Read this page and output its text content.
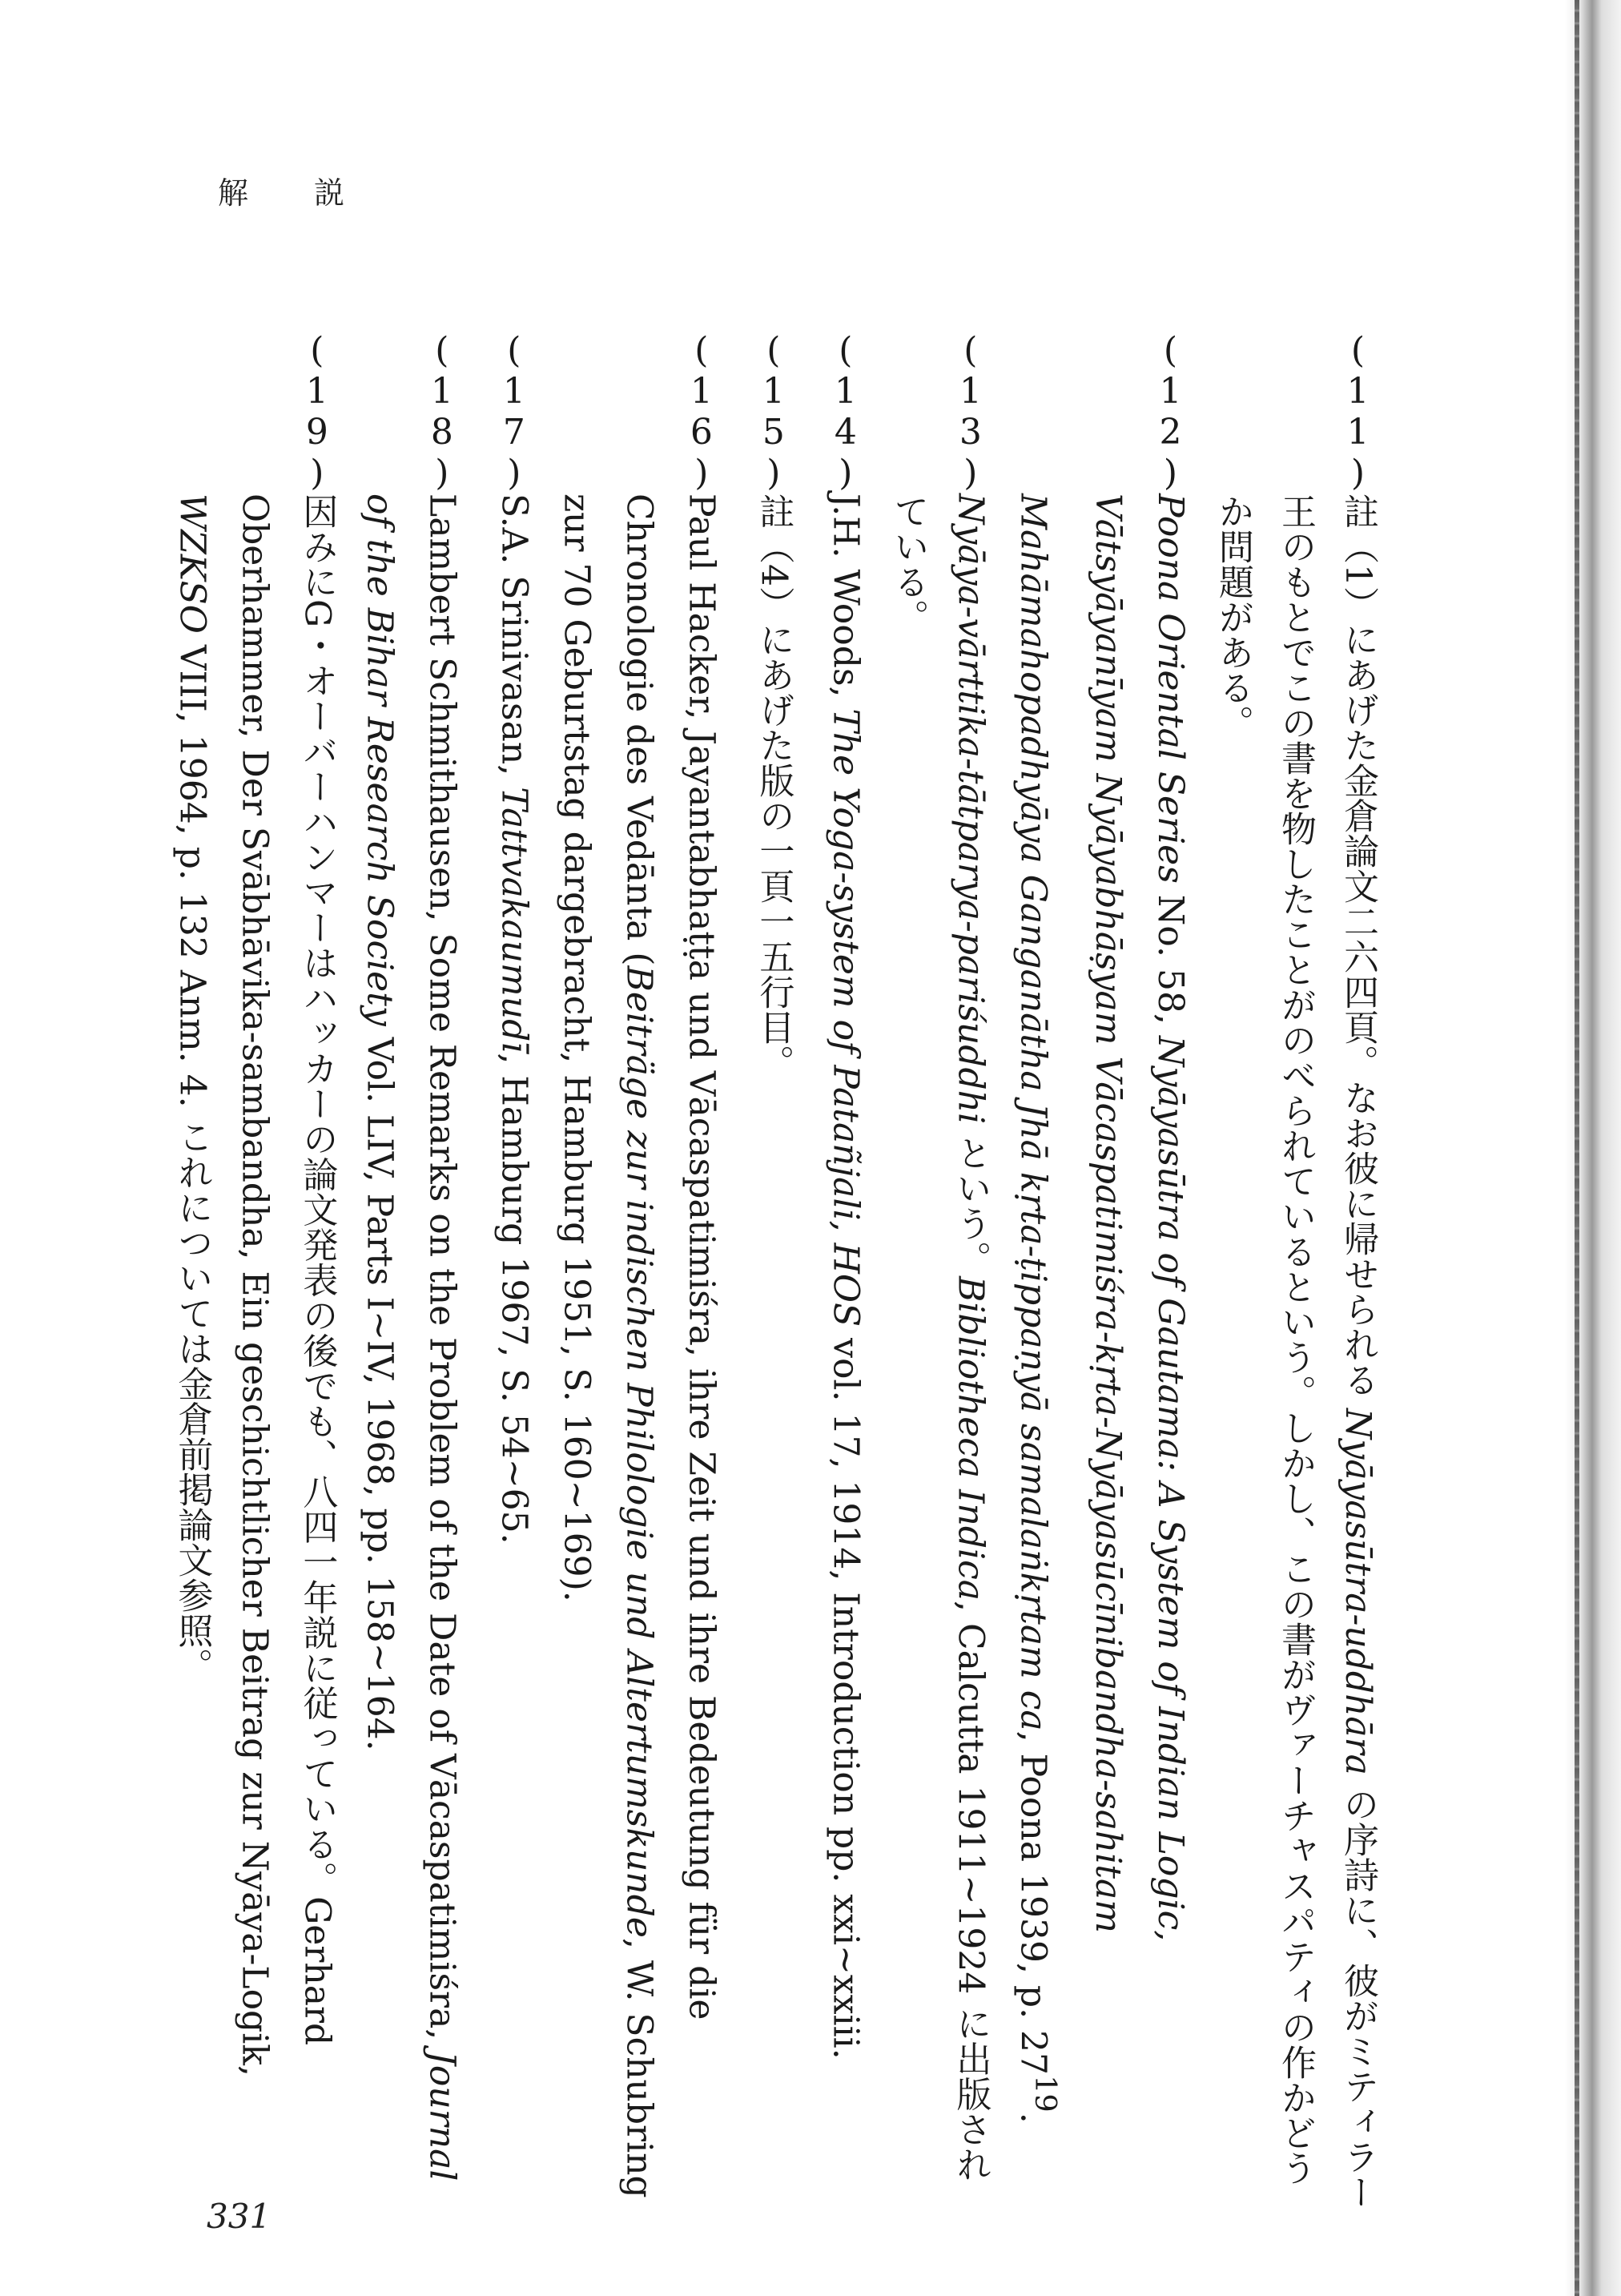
解　説
(11)
註（1）にあげた金倉論文二六四頁。なお彼に帰せられる Nyāyasūtra-uddhāra の序詩に、彼がミティラー王のもとでこの書を物したことがのべられているという。しかし、この書がヴァーチャスパティの作かどうか問題がある。
(12)
Poona Oriental Series No. 58, Nyāyasūtra of Gautama: A System of Indian Logic, Vātsyāyanīyam Nyāyabhāṣyam Vācaspatimiśra-kṛta-Nyāyasūcīnibandha-sahitam Mahāmahopadhyāya Ganganātha Jhā kṛta-ṭippaṇyā samalaṅkṛtam ca, Poona 1939, p. $27^{19}$.
(13)
Nyāya-vārttika-tātparya-pariśuddhi という。Bibliotheca Indica, Calcutta 1911~1924 に出版されている。
(14)
J.H. Woods, The Yoga-system of Patañjali, HOS vol. 17, 1914, Introduction pp. xxi~xxiii.
(15)
註（4）にあげた版の一頁一五行目。
(16)
Paul Hacker, Jayantabhaṭṭa und Vācaspatimiśra, ihre Zeit und ihre Bedeutung für die Chronologie des Vedānta (Beiträge zur indischen Philologie und Altertumskunde, W. Schubring zur 70 Geburtstag dargebracht, Hamburg 1951, S. 160~169).
(17)
S.A. Srinivasan, Tattvakaumudī, Hamburg 1967, S. 54~65.
(18)
Lambert Schmithausen, Some Remarks on the Problem of the Date of Vācaspatimiśra, Journal of the Bihar Research Society Vol. LIV, Parts I~IV, 1968, pp. 158~164.
(19)
因みにG・オーバーハンマーはハッカーの論文発表の後でも、八四一年説に従っている。Gerhard Oberhammer, Der Svābhāvika-sambandha, Ein geschichtlicher Beitrag zur Nyāya-Logik, WZKSO VIII, 1964, p. 132 Anm. 4. これについては金倉前掲論文参照。
331
